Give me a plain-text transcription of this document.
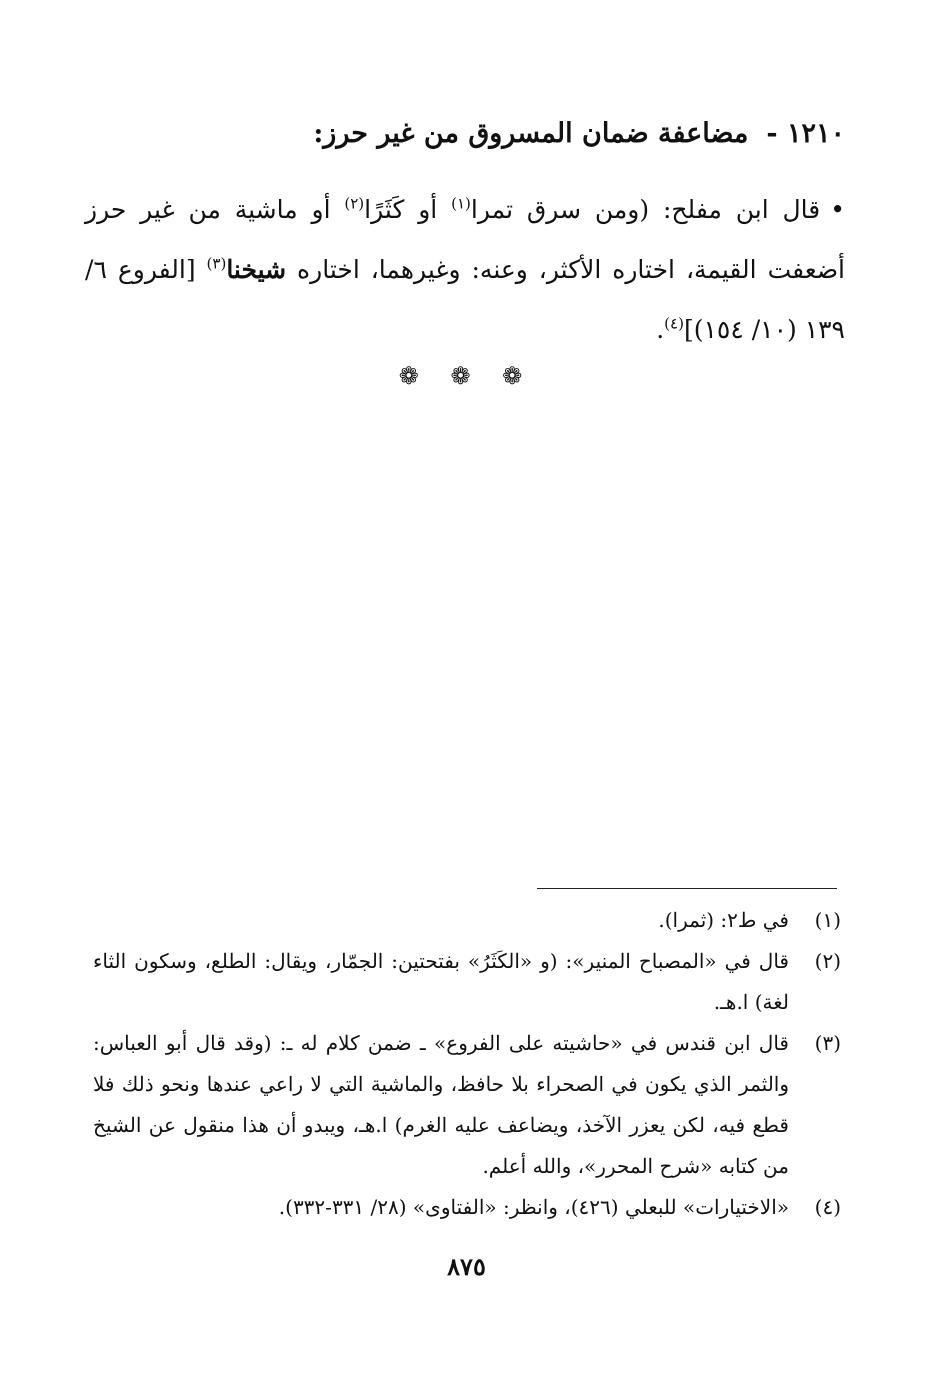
١٢١٠ -مضاعفة ضمان المسروق من غير حرز:

•قال ابن مفلح: (ومن سرق تمرا$^{(١)}$ أو كَثَرًا$^{(٢)}$ أو ماشية من غير حرز أضعفت القيمة، اختاره الأكثر، وعنه: وغيرهما، اختاره شيخنا$^{(٣)}$ [الفروع ٦/ ١٣٩ (١٠/ ١٥٤)]$^{(٤)}$.

❁ ❁ ❁
(١)
في ط٢: (ثمرا).
(٢)
قال في «المصباح المنير»: (و «الكَثَرُ» بفتحتين: الجمّار، ويقال: الطلع، وسكون الثاء لغة) ا.هـ.
(٣)
قال ابن قندس في «حاشيته على الفروع» ـ ضمن كلام له ـ: (وقد قال أبو العباس: والثمر الذي يكون في الصحراء بلا حافظ، والماشية التي لا راعي عندها ونحو ذلك فلا قطع فيه، لكن يعزر الآخذ، ويضاعف عليه الغرم) ا.هـ، ويبدو أن هذا منقول عن الشيخ من كتابه «شرح المحرر»، والله أعلم.
(٤)
«الاختيارات» للبعلي (٤٢٦)، وانظر: «الفتاوى» (٢٨/ ٣٣١-٣٣٢).
٨٧٥
